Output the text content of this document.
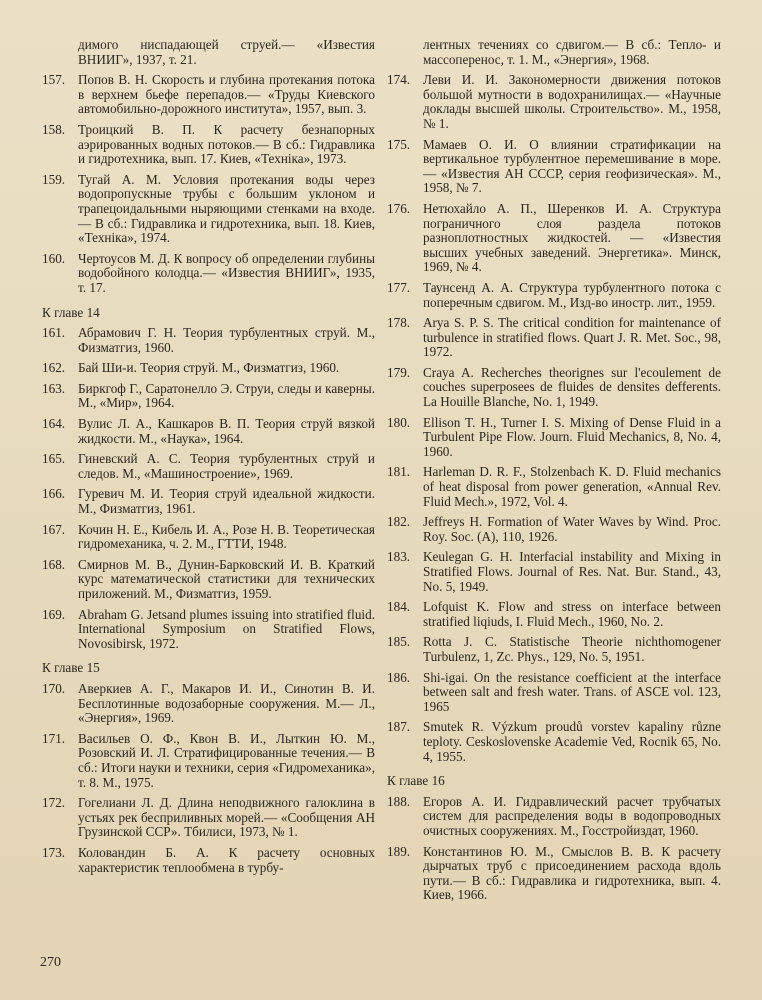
димого ниспадающей струей.— «Известия ВНИИГ», 1937, т. 21.

157. Попов В. Н. Скорость и глубина протекания потока в верхнем бьефе перепадов.— «Труды Киевского автомобильно-дорожного института», 1957, вып. 3.

158. Троицкий В. П. К расчету безнапорных аэрированных водных потоков.— В сб.: Гидравлика и гидротехника, вып. 17. Киев, «Техніка», 1973.

159. Тугай А. М. Условия протекания воды через водопропускные трубы с большим уклоном и трапецоидальными ныряющими стенками на входе.— В сб.: Гидравлика и гидротехника, вып. 18. Киев, «Техніка», 1974.

160. Чертоусов М. Д. К вопросу об определении глубины водобойного колодца.— «Известия ВНИИГ», 1935, т. 17.

К главе 14

161. Абрамович Г. Н. Теория турбулентных струй. М., Физматгиз, 1960.

162. Бай Ши-и. Теория струй. М., Физматгиз, 1960.

163. Биркгоф Г., Саратонелло Э. Струи, следы и каверны. М., «Мир», 1964.

164. Вулис Л. А., Кашкаров В. П. Теория струй вязкой жидкости. М., «Наука», 1964.

165. Гиневский А. С. Теория турбулентных струй и следов. М., «Машиностроение», 1969.

166. Гуревич М. И. Теория струй идеальной жидкости. М., Физматгиз, 1961.

167. Кочин Н. Е., Кибель И. А., Розе Н. В. Теоретическая гидромеханика, ч. 2. М., ГТТИ, 1948.

168. Смирнов М. В., Дунин-Барковский И. В. Краткий курс математической статистики для технических приложений. М., Физматгиз, 1959.

169. Abraham G. Jetsand plumes issuing into stratified fluid. International Symposium on Stratified Flows, Novosibirsk, 1972.

К главе 15

170. Аверкиев А. Г., Макаров И. И., Синотин В. И. Бесплотинные водозаборные сооружения. М.— Л., «Энергия», 1969.

171. Васильев О. Ф., Квон В. И., Лыткин Ю. М., Розовский И. Л. Стратифицированные течения.— В сб.: Итоги науки и техники, серия «Гидромеханика», т. 8. М., 1975.

172. Гогелиани Л. Д. Длина неподвижного галоклина в устьях рек бесприливных морей.— «Сообщения АН Грузинской ССР». Тбилиси, 1973, № 1.

173. Коловандин Б. А. К расчету основных характеристик теплообмена в турбу-

лентных течениях со сдвигом.— В сб.: Тепло- и массоперенос, т. 1. М., «Энергия», 1968.

174. Леви И. И. Закономерности движения потоков большой мутности в водохранилищах.— «Научные доклады высшей школы. Строительство». М., 1958, № 1.

175. Мамаев О. И. О влиянии стратификации на вертикальное турбулентное перемешивание в море.— «Известия АН СССР, серия геофизическая». М., 1958, № 7.

176. Нетюхайло А. П., Шеренков И. А. Структура пограничного слоя раздела потоков разноплотностных жидкостей. — «Известия высших учебных заведений. Энергетика». Минск, 1969, № 4.

177. Таунсенд А. А. Структура турбулентного потока с поперечным сдвигом. М., Изд-во иностр. лит., 1959.

178. Arya S. P. S. The critical condition for maintenance of turbulence in stratified flows. Quart J. R. Met. Soc., 98, 1972.

179. Craya A. Recherches theorignes sur l'ecoulement de couches superposees de fluides de densites defferents. La Houille Blanche, No. 1, 1949.

180. Ellison T. H., Turner I. S. Mixing of Dense Fluid in a Turbulent Pipe Flow. Journ. Fluid Mechanics, 8, No. 4, 1960.

181. Harleman D. R. F., Stolzenbach K. D. Fluid mechanics of heat disposal from power generation, «Annual Rev. Fluid Mech.», 1972, Vol. 4.

182. Jeffreys H. Formation of Water Waves by Wind. Proc. Roy. Soc. (A), 110, 1926.

183. Keulegan G. H. Interfacial instability and Mixing in Stratified Flows. Journal of Res. Nat. Bur. Stand., 43, No. 5, 1949.

184. Lofquist K. Flow and stress on interface between stratified liqiuds, I. Fluid Mech., 1960, No. 2.

185. Rotta J. C. Statistische Theorie nichthomogener Turbulenz, 1, Zc. Phys., 129, No. 5, 1951.

186. Shi-igai. On the resistance coefficient at the interface between salt and fresh water. Trans. of ASCE vol. 123, 1965

187. Smutek R. Výzkum proudů vorstev kapaliny různe teploty. Ceskoslovenske Academie Ved, Rocnik 65, No. 4, 1955.

К главе 16

188. Егоров А. И. Гидравлический расчет трубчатых систем для распределения воды в водопроводных очистных сооружениях. М., Госстройиздат, 1960.

189. Константинов Ю. М., Смыслов В. В. К расчету дырчатых труб с присоединением расхода вдоль пути.— В сб.: Гидравлика и гидротехника, вып. 4. Киев, 1966.

270
